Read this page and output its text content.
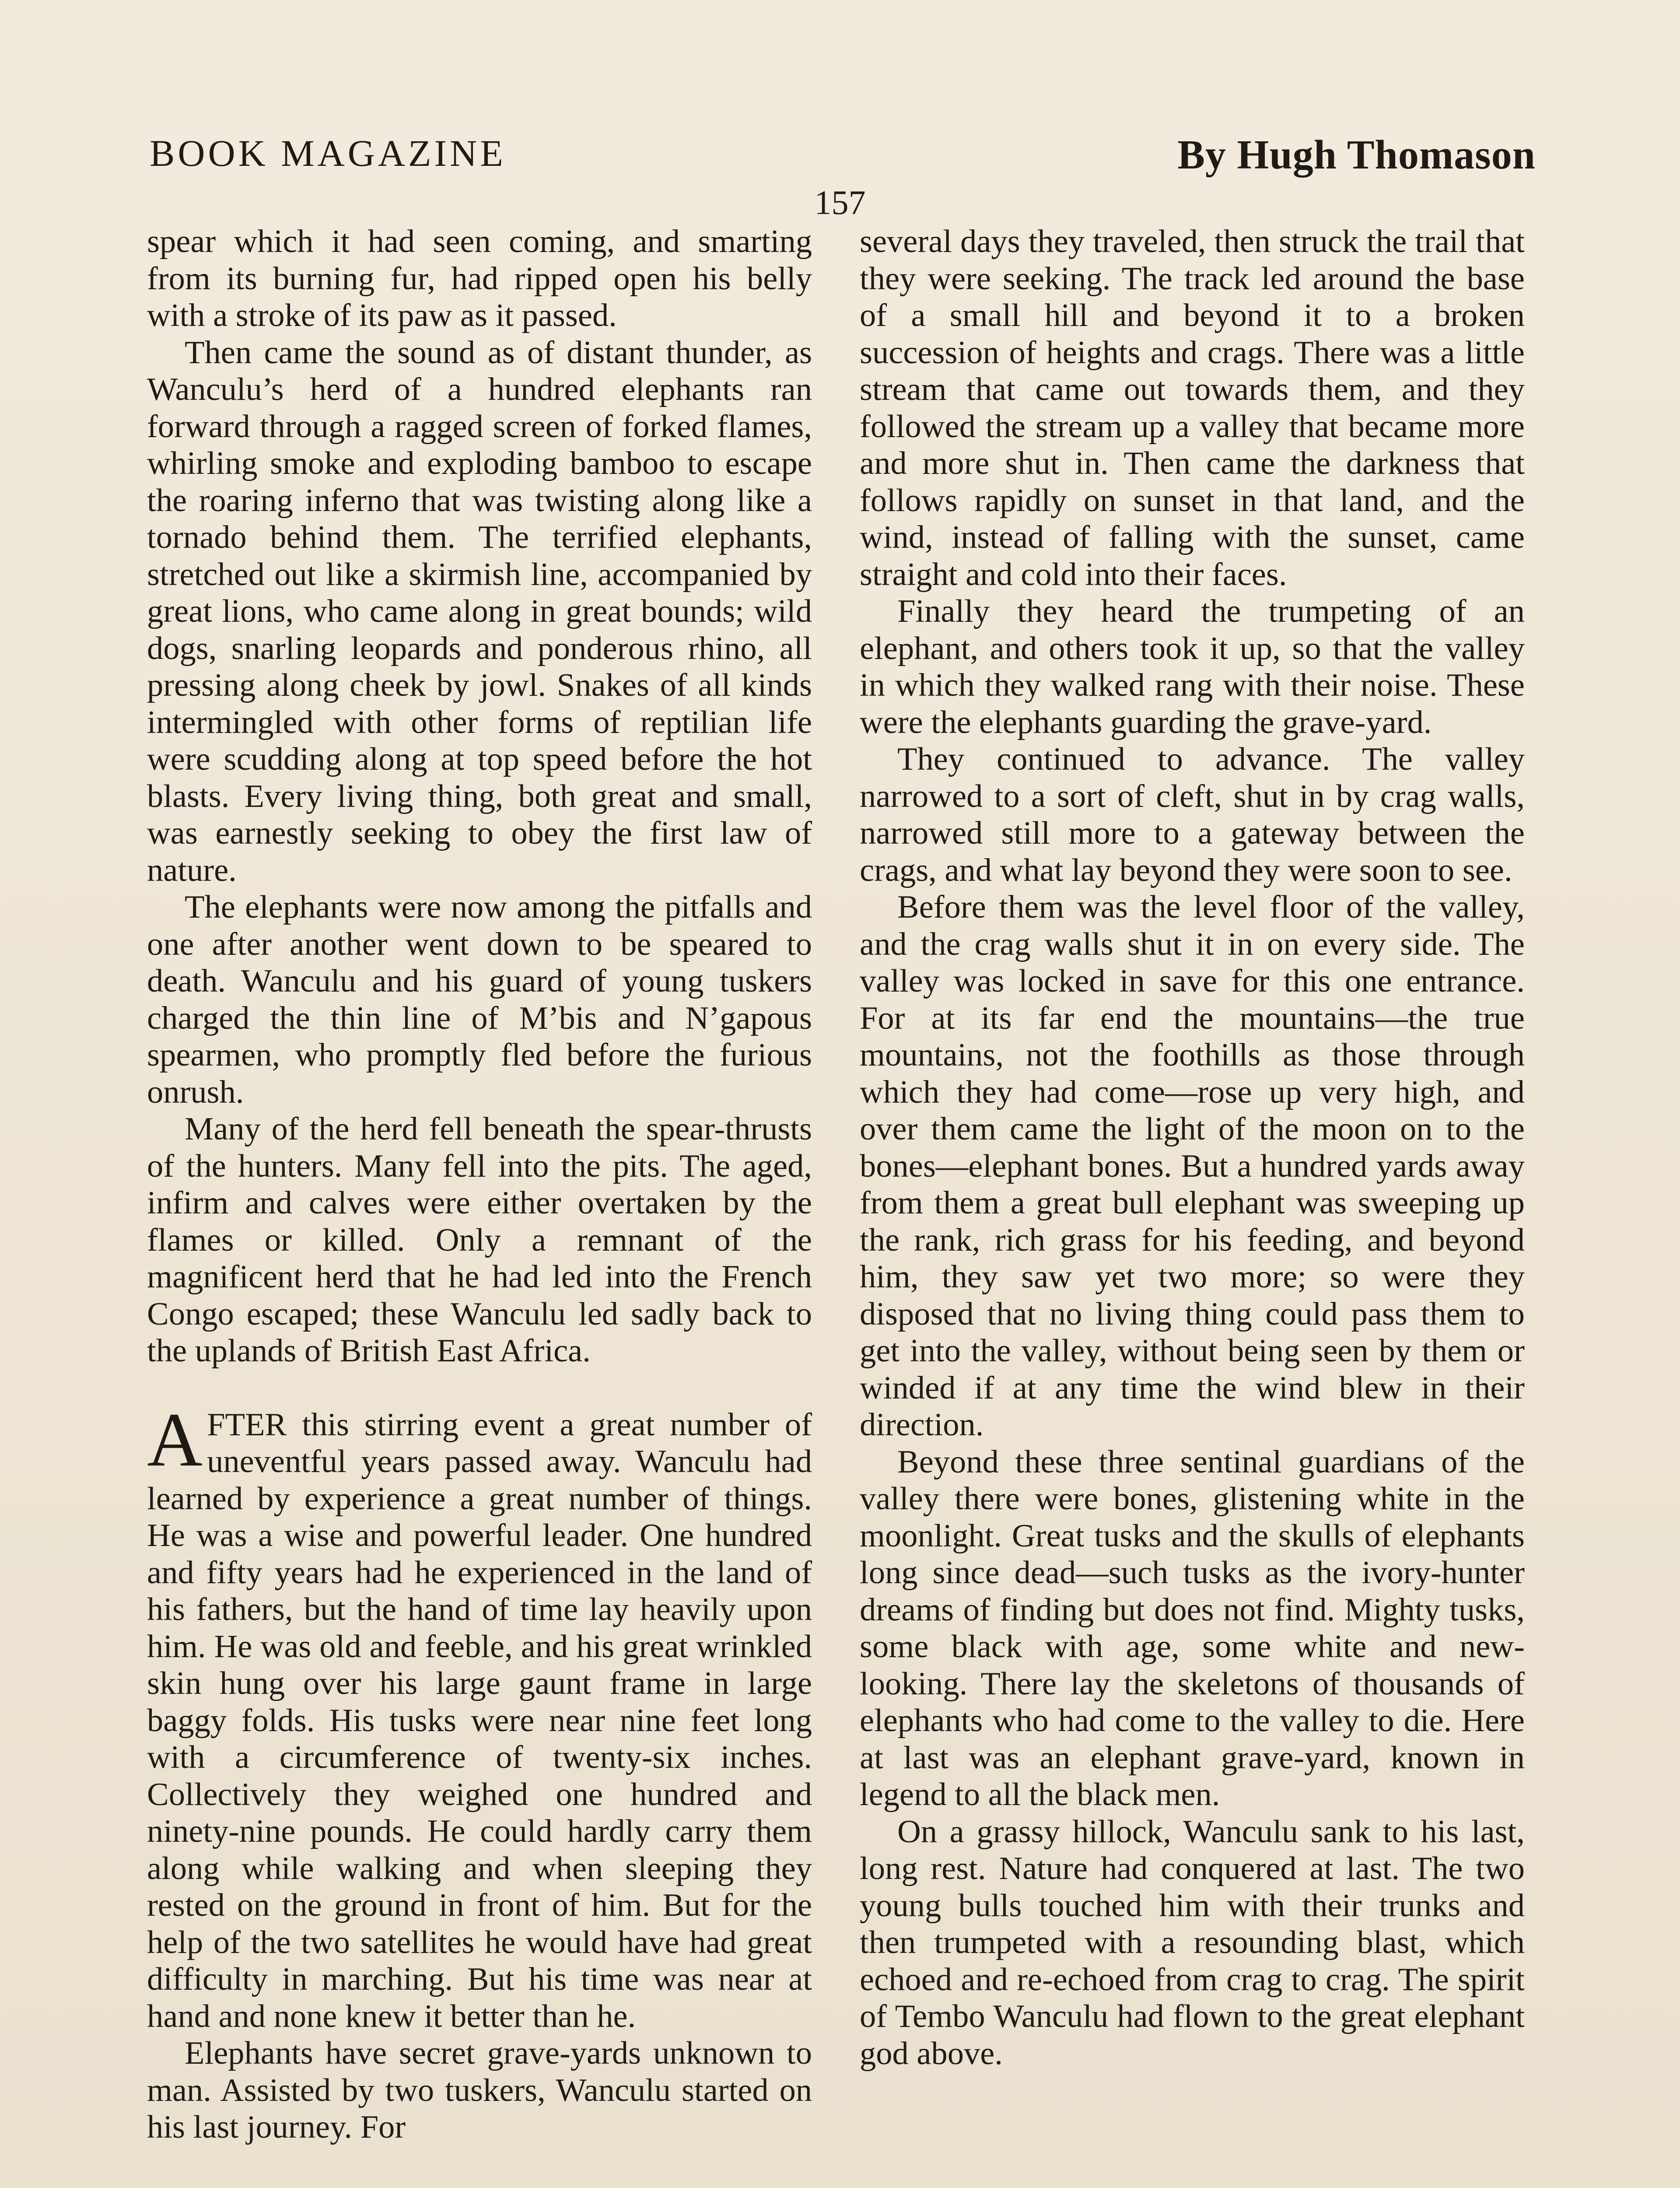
BOOK MAGAZINE	By Hugh Thomason
157

spear which it had seen coming, and smarting from its burning fur, had ripped open his belly with a stroke of its paw as it passed.

Then came the sound as of distant thunder, as Wanculu’s herd of a hundred elephants ran forward through a ragged screen of forked flames, whirling smoke and exploding bamboo to escape the roaring inferno that was twisting along like a tornado behind them. The terrified elephants, stretched out like a skirmish line, accompanied by great lions, who came along in great bounds; wild dogs, snarling leopards and ponderous rhino, all pressing along cheek by jowl. Snakes of all kinds intermingled with other forms of reptilian life were scudding along at top speed before the hot blasts. Every living thing, both great and small, was earnestly seeking to obey the first law of nature.

The elephants were now among the pitfalls and one after another went down to be speared to death. Wanculu and his guard of young tuskers charged the thin line of M’bis and N’gapous spearmen, who promptly fled before the furious onrush.

Many of the herd fell beneath the spear-thrusts of the hunters. Many fell into the pits. The aged, infirm and calves were either overtaken by the flames or killed. Only a remnant of the magnificent herd that he had led into the French Congo escaped; these Wanculu led sadly back to the uplands of British East Africa.

AFTER this stirring event a great number of uneventful years passed away. Wanculu had learned by experience a great number of things. He was a wise and powerful leader. One hundred and fifty years had he experienced in the land of his fathers, but the hand of time lay heavily upon him. He was old and feeble, and his great wrinkled skin hung over his large gaunt frame in large baggy folds. His tusks were near nine feet long with a circumference of twenty-six inches. Collectively they weighed one hundred and ninety-nine pounds. He could hardly carry them along while walking and when sleeping they rested on the ground in front of him. But for the help of the two satellites he would have had great difficulty in marching. But his time was near at hand and none knew it better than he.

Elephants have secret grave-yards unknown to man. Assisted by two tuskers, Wanculu started on his last journey. For

several days they traveled, then struck the trail that they were seeking. The track led around the base of a small hill and beyond it to a broken succession of heights and crags. There was a little stream that came out towards them, and they followed the stream up a valley that became more and more shut in. Then came the darkness that follows rapidly on sunset in that land, and the wind, instead of falling with the sunset, came straight and cold into their faces.

Finally they heard the trumpeting of an elephant, and others took it up, so that the valley in which they walked rang with their noise. These were the elephants guarding the grave-yard.

They continued to advance. The valley narrowed to a sort of cleft, shut in by crag walls, narrowed still more to a gateway between the crags, and what lay beyond they were soon to see.

Before them was the level floor of the valley, and the crag walls shut it in on every side. The valley was locked in save for this one entrance. For at its far end the mountains—the true mountains, not the foothills as those through which they had come—rose up very high, and over them came the light of the moon on to the bones—elephant bones. But a hundred yards away from them a great bull elephant was sweeping up the rank, rich grass for his feeding, and beyond him, they saw yet two more; so were they disposed that no living thing could pass them to get into the valley, without being seen by them or winded if at any time the wind blew in their direction.

Beyond these three sentinal guardians of the valley there were bones, glistening white in the moonlight. Great tusks and the skulls of elephants long since dead—such tusks as the ivory-hunter dreams of finding but does not find. Mighty tusks, some black with age, some white and new-looking. There lay the skeletons of thousands of elephants who had come to the valley to die. Here at last was an elephant grave-yard, known in legend to all the black men.

On a grassy hillock, Wanculu sank to his last, long rest. Nature had conquered at last. The two young bulls touched him with their trunks and then trumpeted with a resounding blast, which echoed and re-echoed from crag to crag. The spirit of Tembo Wanculu had flown to the great elephant god above.
